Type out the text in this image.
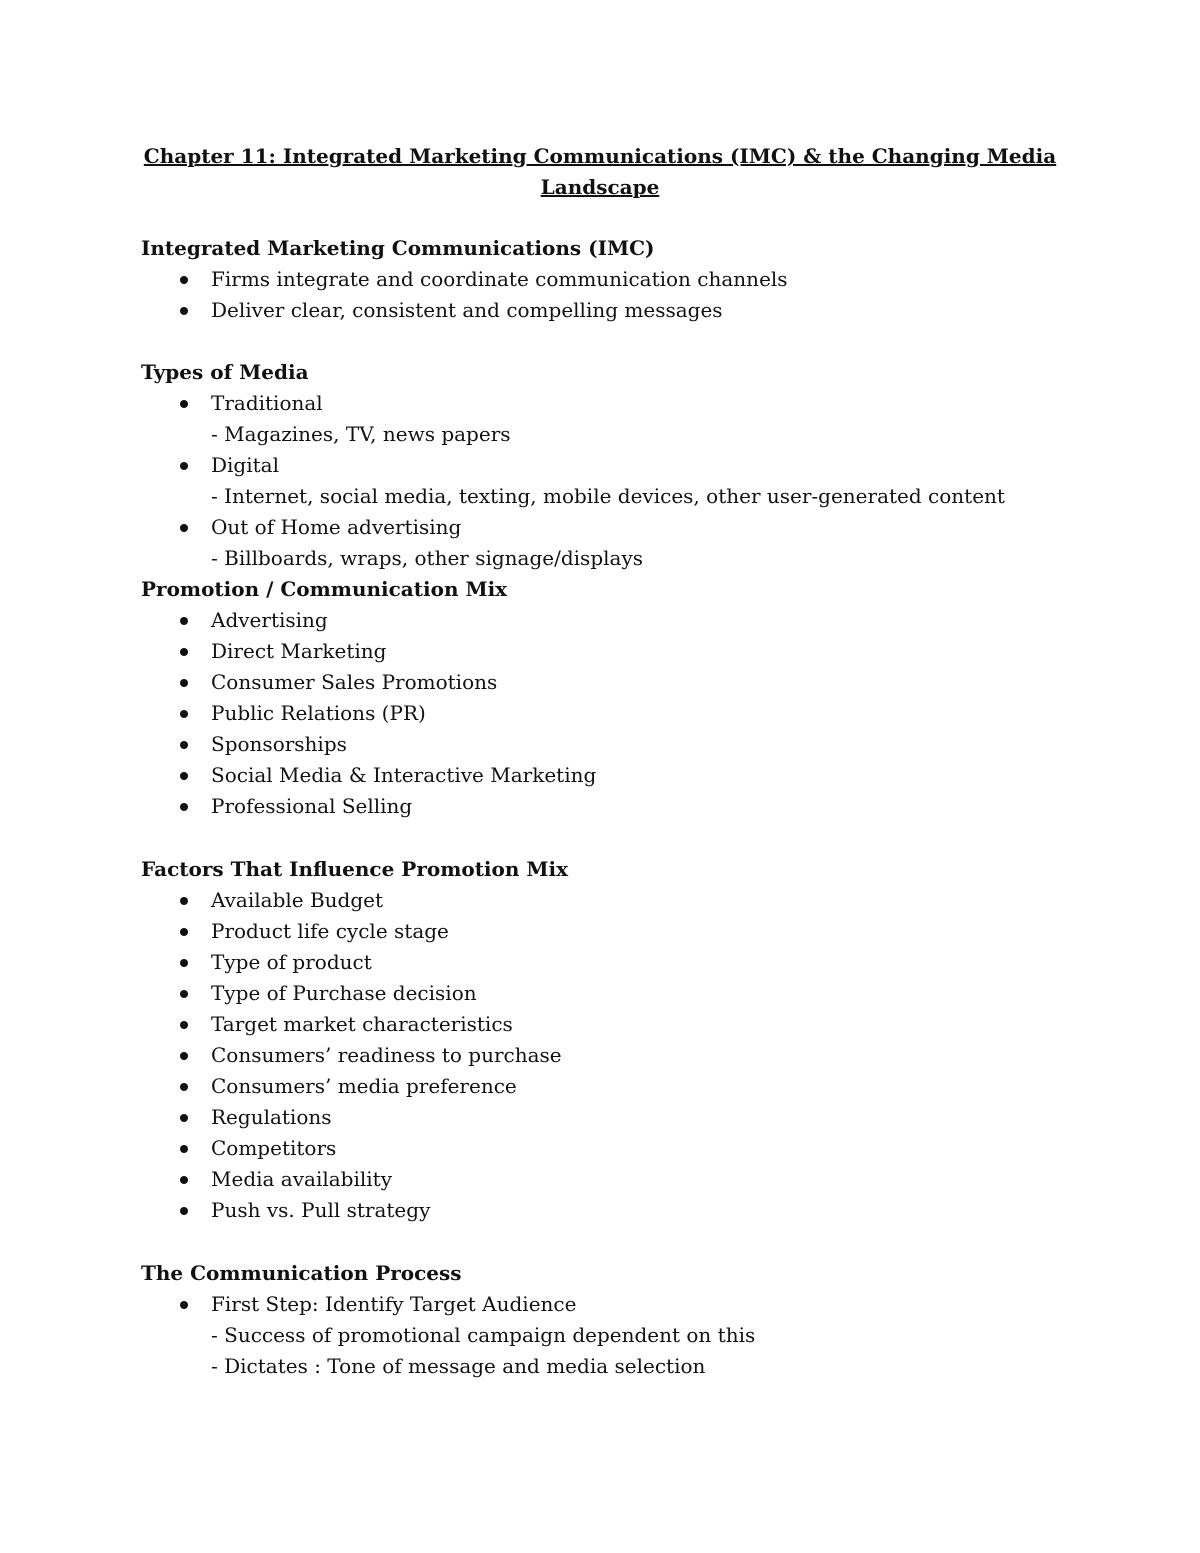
Chapter 11: Integrated Marketing Communications (IMC) & the Changing Media
Landscape

Integrated Marketing Communications (IMC)

Firms integrate and coordinate communication channels

Deliver clear, consistent and compelling messages

Types of Media

Traditional

- Magazines, TV, news papers

Digital

- Internet, social media, texting, mobile devices, other user-generated content

Out of Home advertising

- Billboards, wraps, other signage/displays

Promotion / Communication Mix

Advertising

Direct Marketing

Consumer Sales Promotions

Public Relations (PR)

Sponsorships

Social Media & Interactive Marketing

Professional Selling

Factors That Influence Promotion Mix

Available Budget

Product life cycle stage

Type of product

Type of Purchase decision

Target market characteristics

Consumers’ readiness to purchase

Consumers’ media preference

Regulations

Competitors

Media availability

Push vs. Pull strategy

The Communication Process

First Step: Identify Target Audience

- Success of promotional campaign dependent on this

- Dictates : Tone of message and media selection
